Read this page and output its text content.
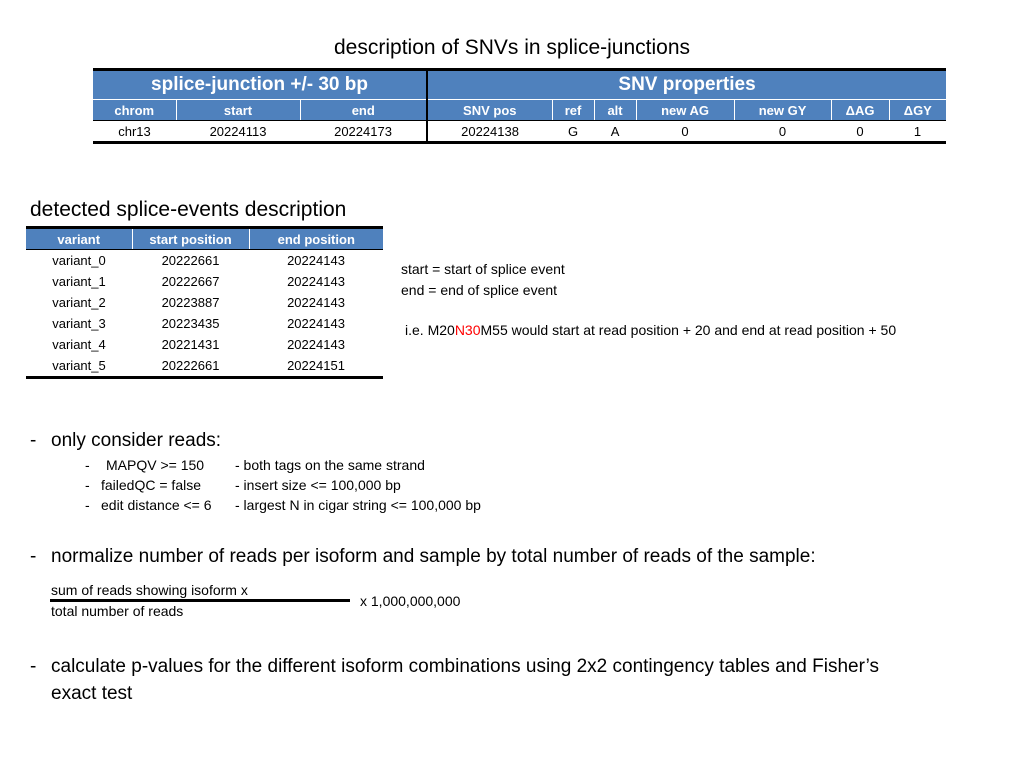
description of SNVs in splice-junctions
splice-junction +/- 30 bp			SNV properties						
chrom	start	end	SNV pos	ref	alt	new AG	new GY	ΔAG	ΔGY
chr13	20224113	20224173	20224138	G	A	0	0	0	1
detected splice-events description
variant	start position	end position
variant_0	20222661	20224143
variant_1	20222667	20224143
variant_2	20223887	20224143
variant_3	20223435	20224143
variant_4	20221431	20224143
variant_5	20222661	20224151
start = start of splice event
end = end of splice event
i.e. M20N30M55 would start at read position + 20 and end at read position + 50
- only consider reads:
- MAPQV >= 150 - both tags on the same strand
- failedQC = false - insert size <= 100,000 bp
- edit distance <= 6 - largest N in cigar string <= 100,000 bp
- normalize number of reads per isoform and sample by total number of reads of the sample:
sum of reads showing isoform x
total number of reads
x 1,000,000,000
- calculate p-values for the different isoform combinations using 2x2 contingency tables and Fisher’s
exact test
